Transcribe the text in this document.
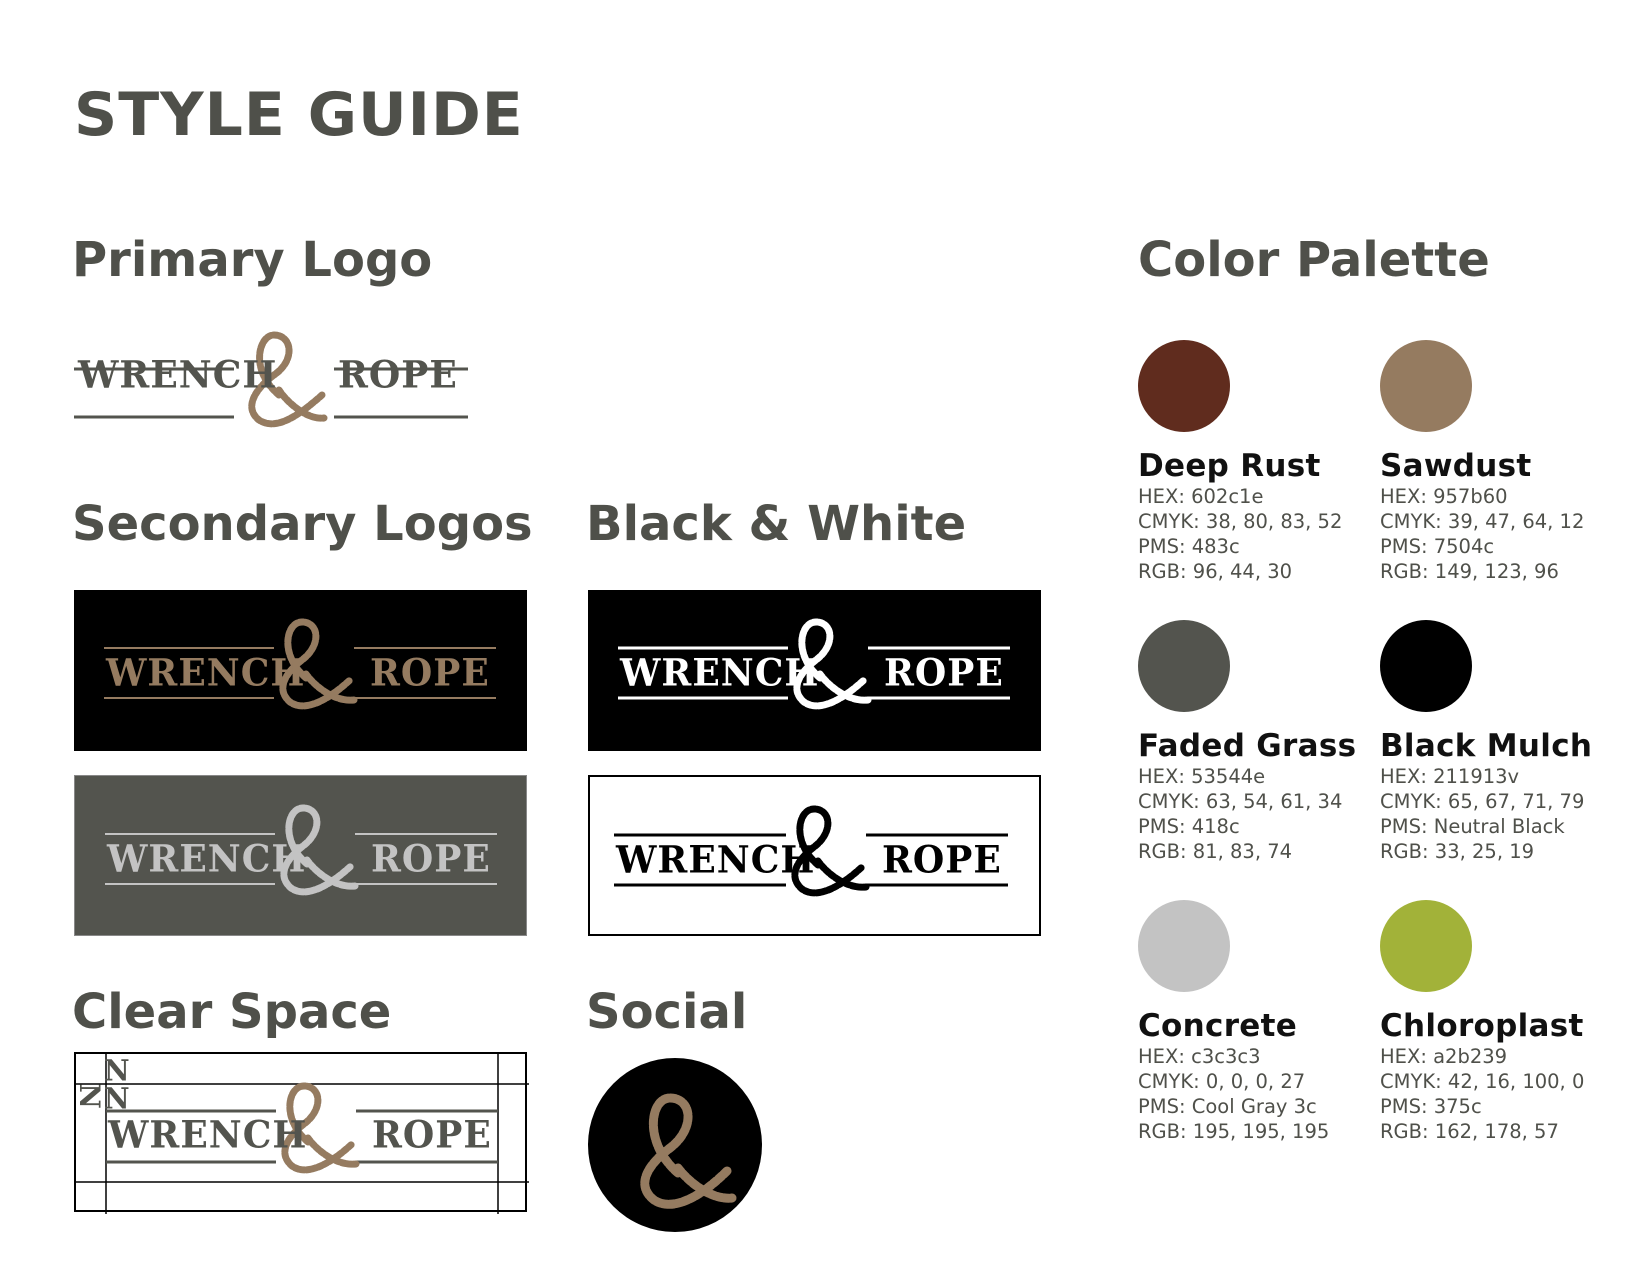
STYLE GUIDE
Primary Logo
Secondary Logos Black & White
Clear Space	Social
Color Palette
WRENCH ROPE
WRENCH ROPE
WRENCH ROPE
WRENCH ROPE
WRENCH ROPE
N
N
N
WRENCH ROPE
Deep Rust
HEX: 602c1e
CMYK: 38, 80, 83, 52
PMS: 483c
RGB: 96, 44, 30
Sawdust
HEX: 957b60
CMYK: 39, 47, 64, 12
PMS: 7504c
RGB: 149, 123, 96
Faded Grass
HEX: 53544e
CMYK: 63, 54, 61, 34
PMS: 418c
RGB: 81, 83, 74
Black Mulch
HEX: 211913v
CMYK: 65, 67, 71, 79
PMS: Neutral Black
RGB: 33, 25, 19
Concrete
HEX: c3c3c3
CMYK: 0, 0, 0, 27
PMS: Cool Gray 3c
RGB: 195, 195, 195
Chloroplast
HEX: a2b239
CMYK: 42, 16, 100, 0
PMS: 375c
RGB: 162, 178, 57
